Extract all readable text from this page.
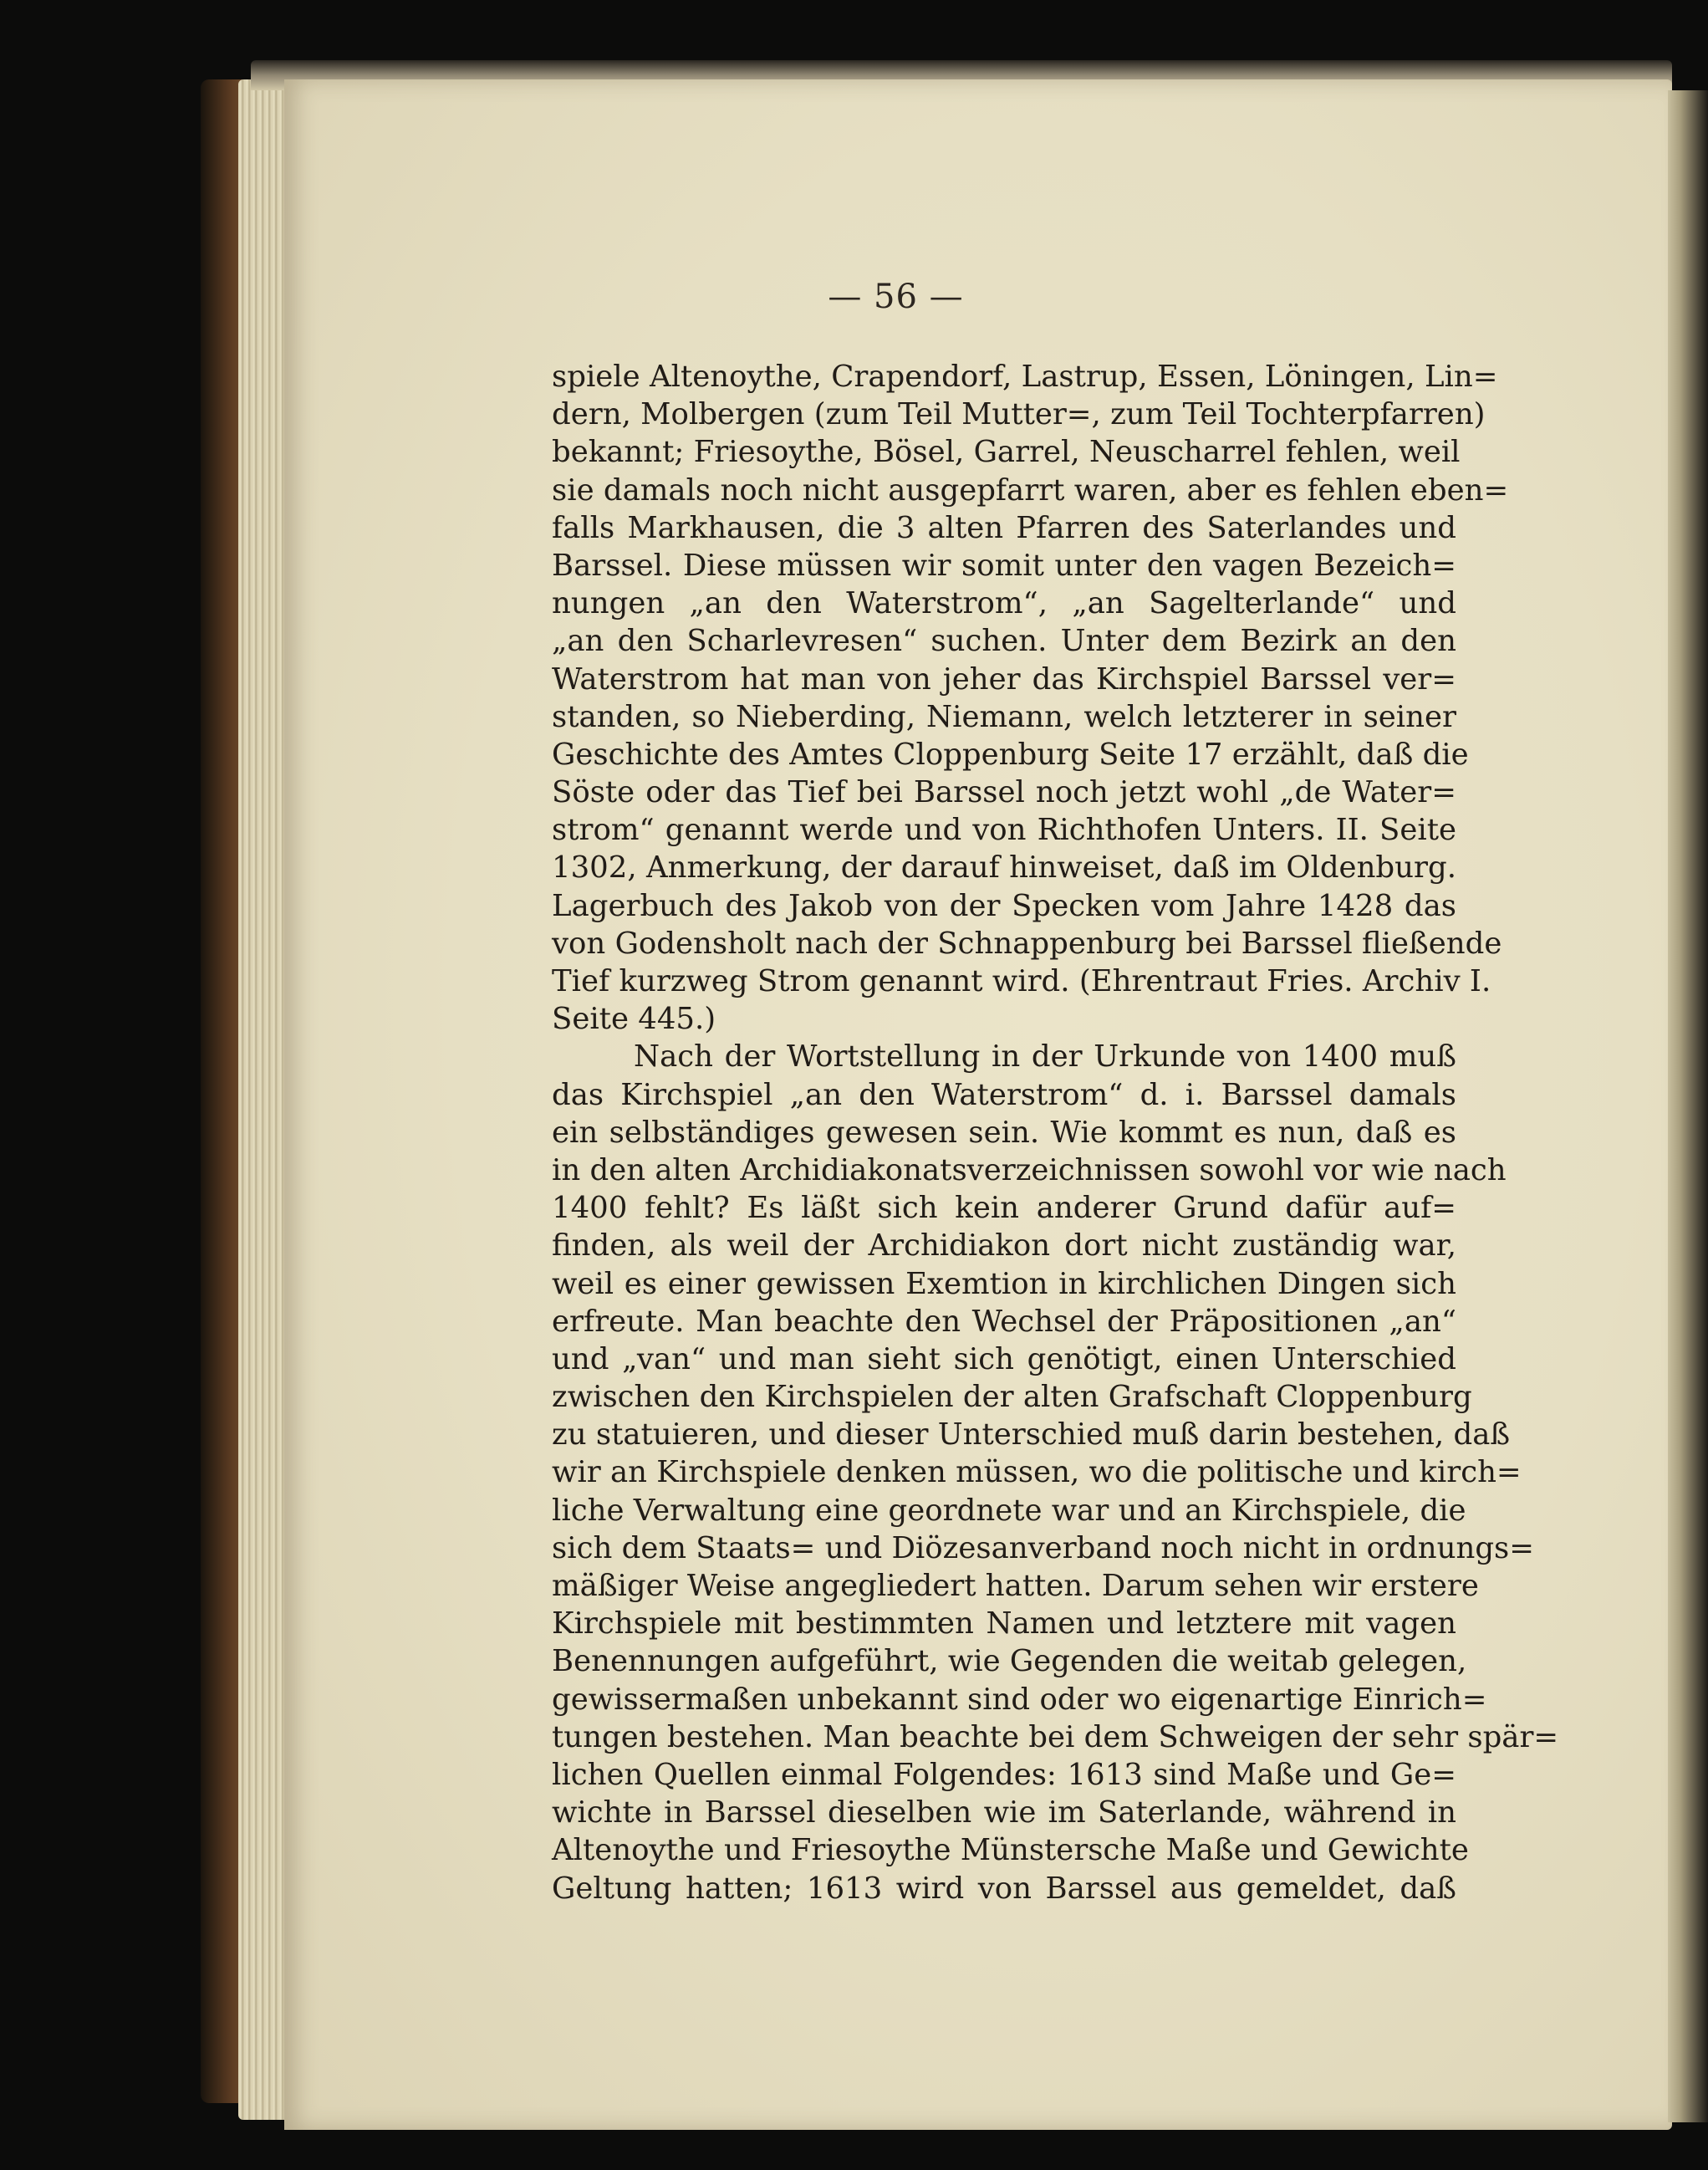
— 56 —
spiele Altenoythe, Crapendorf, Lastrup, Essen, Löningen, Lin=
dern, Molbergen (zum Teil Mutter=, zum Teil Tochterpfarren)
bekannt; Friesoythe, Bösel, Garrel, Neuscharrel fehlen, weil
sie damals noch nicht ausgepfarrt waren, aber es fehlen eben=
falls Markhausen, die 3 alten Pfarren des Saterlandes und
Barssel. Diese müssen wir somit unter den vagen Bezeich=
nungen „an den Waterstrom“, „an Sagelterlande“ und
„an den Scharlevresen“ suchen. Unter dem Bezirk an den
Waterstrom hat man von jeher das Kirchspiel Barssel ver=
standen, so Nieberding, Niemann, welch letzterer in seiner
Geschichte des Amtes Cloppenburg Seite 17 erzählt, daß die
Söste oder das Tief bei Barssel noch jetzt wohl „de Water=
strom“ genannt werde und von Richthofen Unters. II. Seite
1302, Anmerkung, der darauf hinweiset, daß im Oldenburg.
Lagerbuch des Jakob von der Specken vom Jahre 1428 das
von Godensholt nach der Schnappenburg bei Barssel fließende
Tief kurzweg Strom genannt wird. (Ehrentraut Fries. Archiv I.
Seite 445.)
Nach der Wortstellung in der Urkunde von 1400 muß
das Kirchspiel „an den Waterstrom“ d. i. Barssel damals
ein selbständiges gewesen sein. Wie kommt es nun, daß es
in den alten Archidiakonatsverzeichnissen sowohl vor wie nach
1400 fehlt? Es läßt sich kein anderer Grund dafür auf=
finden, als weil der Archidiakon dort nicht zuständig war,
weil es einer gewissen Exemtion in kirchlichen Dingen sich
erfreute. Man beachte den Wechsel der Präpositionen „an“
und „van“ und man sieht sich genötigt, einen Unterschied
zwischen den Kirchspielen der alten Grafschaft Cloppenburg
zu statuieren, und dieser Unterschied muß darin bestehen, daß
wir an Kirchspiele denken müssen, wo die politische und kirch=
liche Verwaltung eine geordnete war und an Kirchspiele, die
sich dem Staats= und Diözesanverband noch nicht in ordnungs=
mäßiger Weise angegliedert hatten. Darum sehen wir erstere
Kirchspiele mit bestimmten Namen und letztere mit vagen
Benennungen aufgeführt, wie Gegenden die weitab gelegen,
gewissermaßen unbekannt sind oder wo eigenartige Einrich=
tungen bestehen. Man beachte bei dem Schweigen der sehr spär=
lichen Quellen einmal Folgendes: 1613 sind Maße und Ge=
wichte in Barssel dieselben wie im Saterlande, während in
Altenoythe und Friesoythe Münstersche Maße und Gewichte
Geltung hatten; 1613 wird von Barssel aus gemeldet, daß
